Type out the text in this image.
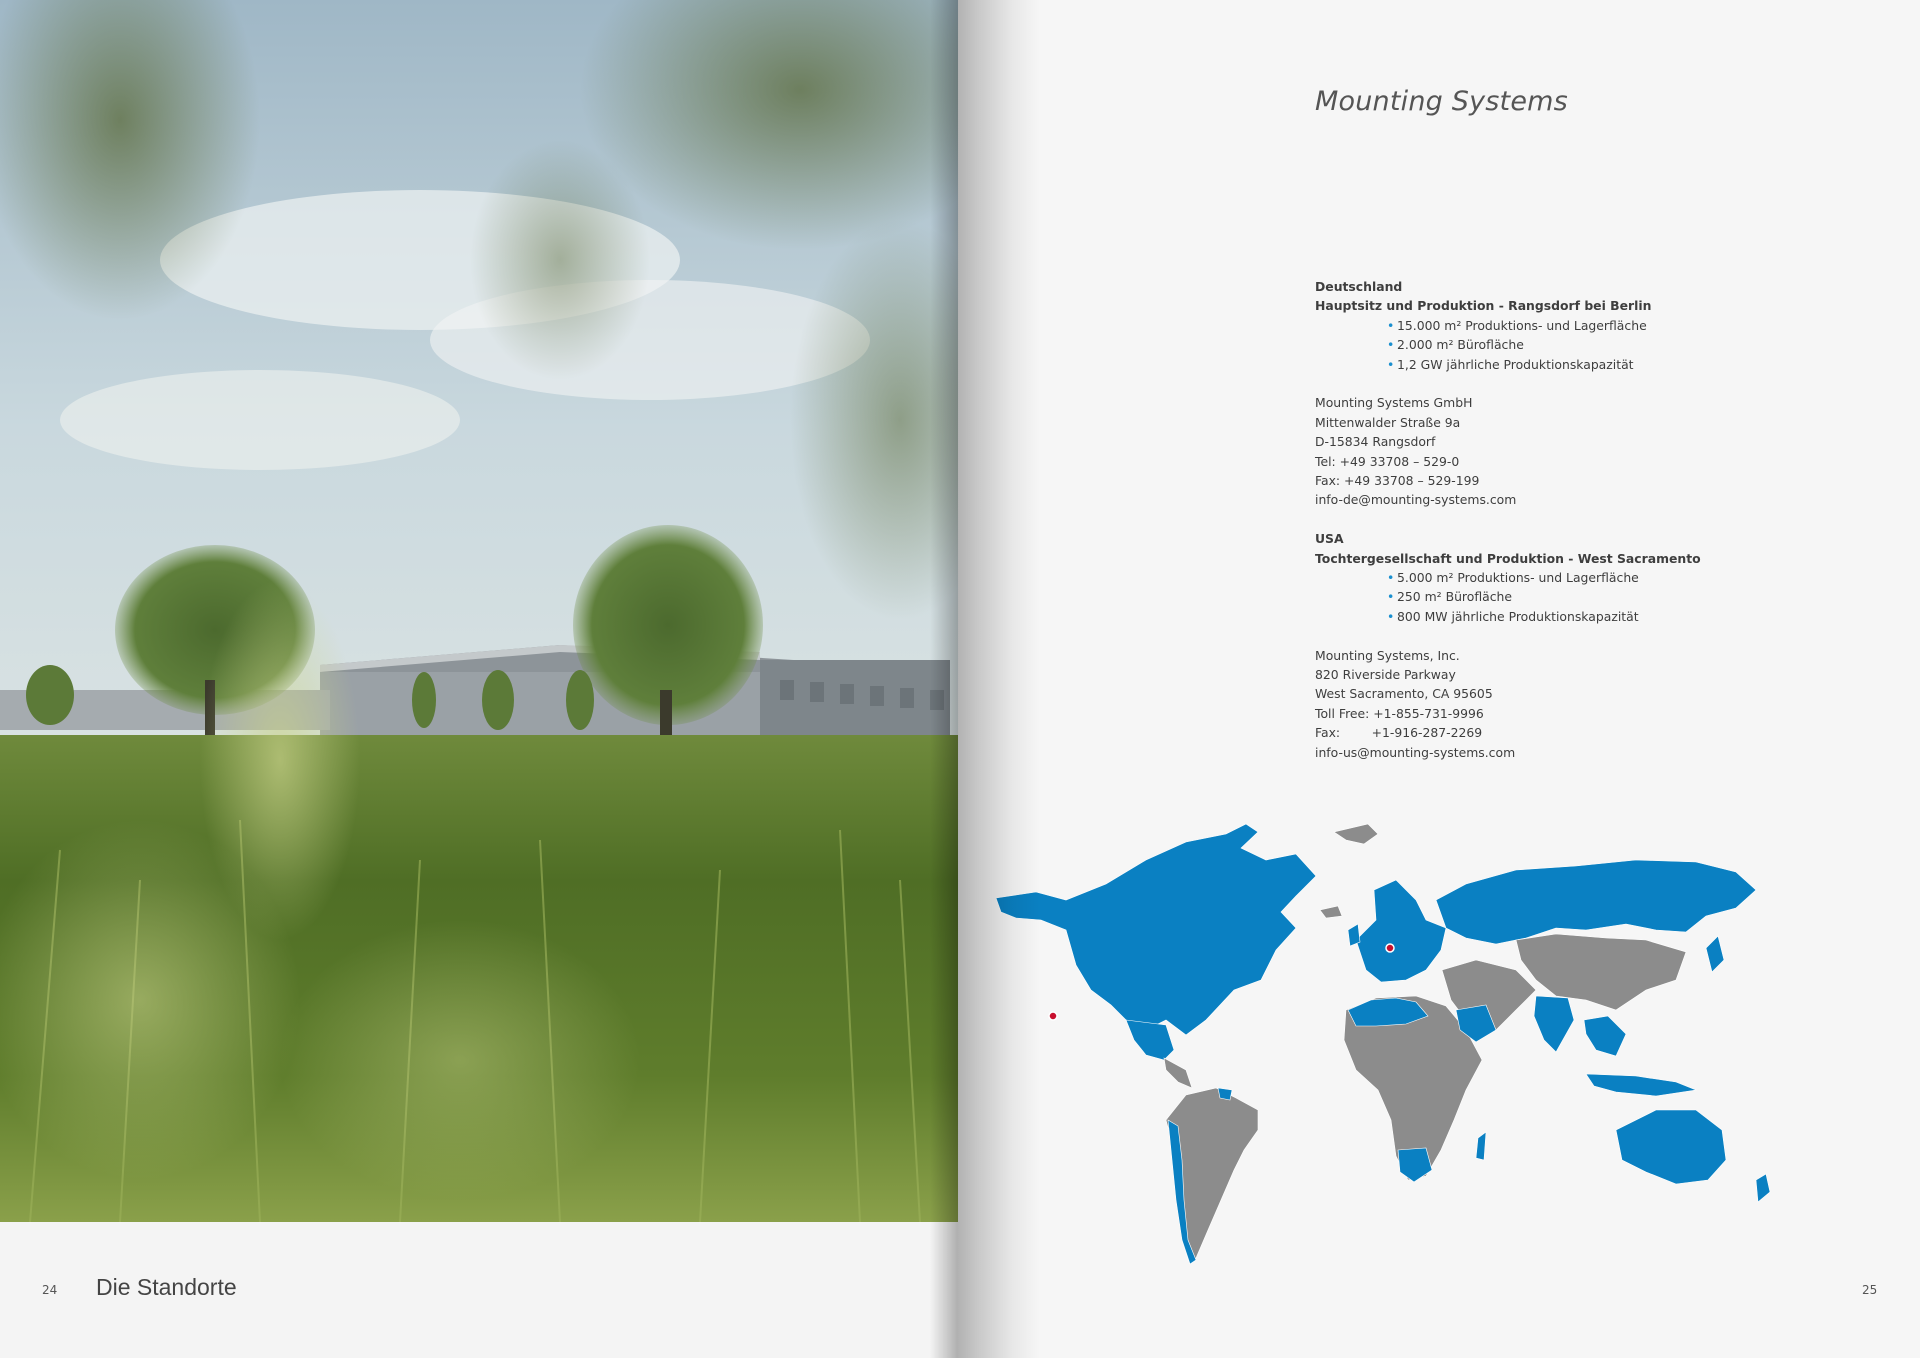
24 Die Standorte
Mounting Systems
Deutschland
Hauptsitz und Produktion - Rangsdorf bei Berlin
• 15.000 m² Produktions- und Lagerfläche
• 2.000 m² Bürofläche
• 1,2 GW jährliche Produktionskapazität
Mounting Systems GmbH
Mittenwalder Straße 9a
D-15834 Rangsdorf
Tel: +49 33708 – 529-0
Fax: +49 33708 – 529-199
info-de@mounting-systems.com
USA
Tochtergesellschaft und Produktion - West Sacramento
• 5.000 m² Produktions- und Lagerfläche
• 250 m² Bürofläche
• 800 MW jährliche Produktionskapazität
Mounting Systems, Inc.
820 Riverside Parkway
West Sacramento, CA 95605
Toll Free: +1-855-731-9996
Fax:        +1-916-287-2269
info-us@mounting-systems.com
25
